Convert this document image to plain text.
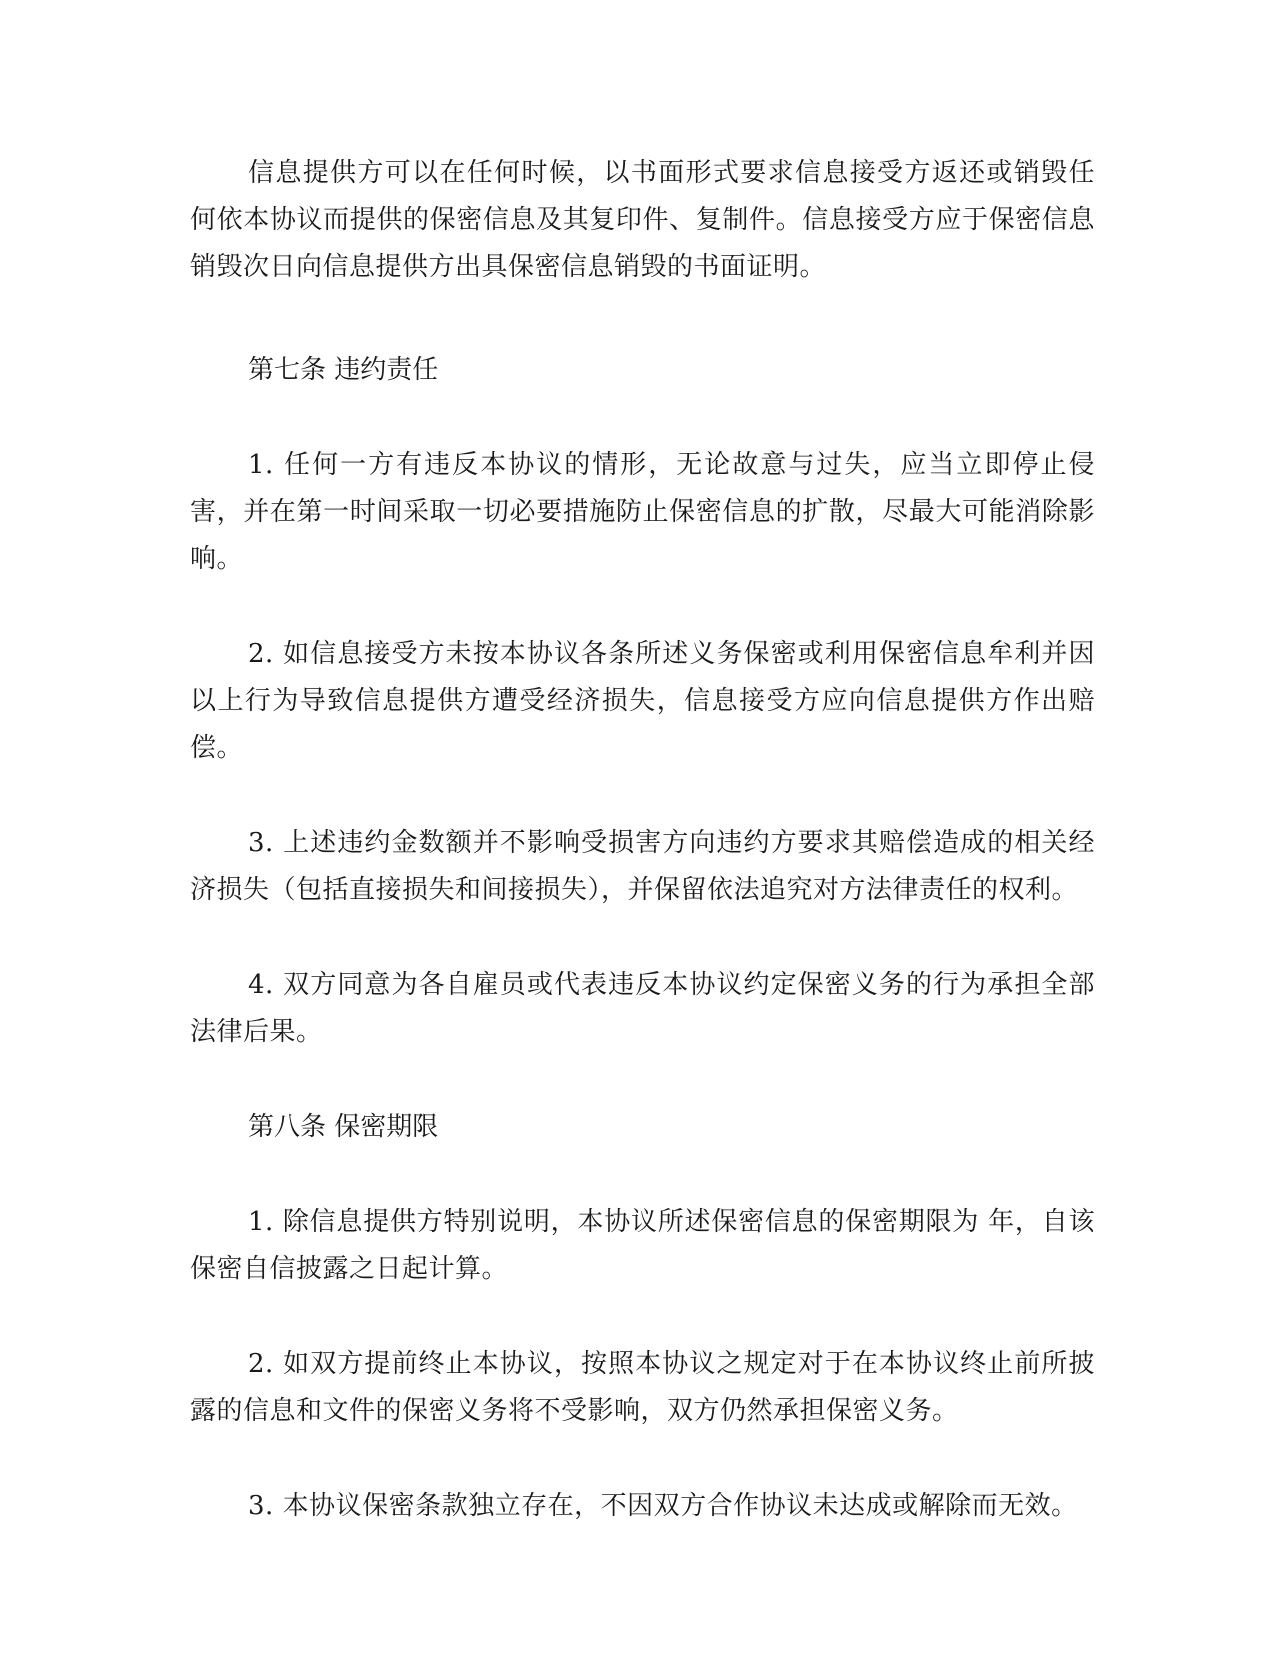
信息提供方可以在任何时候，以书面形式要求信息接受方返还或销毁任何依本协议而提供的保密信息及其复印件、复制件。信息接受方应于保密信息销毁次日向信息提供方出具保密信息销毁的书面证明。

第七条 违约责任

1. 任何一方有违反本协议的情形，无论故意与过失，应当立即停止侵害，并在第一时间采取一切必要措施防止保密信息的扩散，尽最大可能消除影响。

2. 如信息接受方未按本协议各条所述义务保密或利用保密信息牟利并因以上行为导致信息提供方遭受经济损失，信息接受方应向信息提供方作出赔偿。

3. 上述违约金数额并不影响受损害方向违约方要求其赔偿造成的相关经济损失（包括直接损失和间接损失），并保留依法追究对方法律责任的权利。

4. 双方同意为各自雇员或代表违反本协议约定保密义务的行为承担全部法律后果。

第八条 保密期限

1. 除信息提供方特别说明，本协议所述保密信息的保密期限为 年，自该保密自信披露之日起计算。

2. 如双方提前终止本协议，按照本协议之规定对于在本协议终止前所披露的信息和文件的保密义务将不受影响，双方仍然承担保密义务。

3. 本协议保密条款独立存在，不因双方合作协议未达成或解除而无效。
